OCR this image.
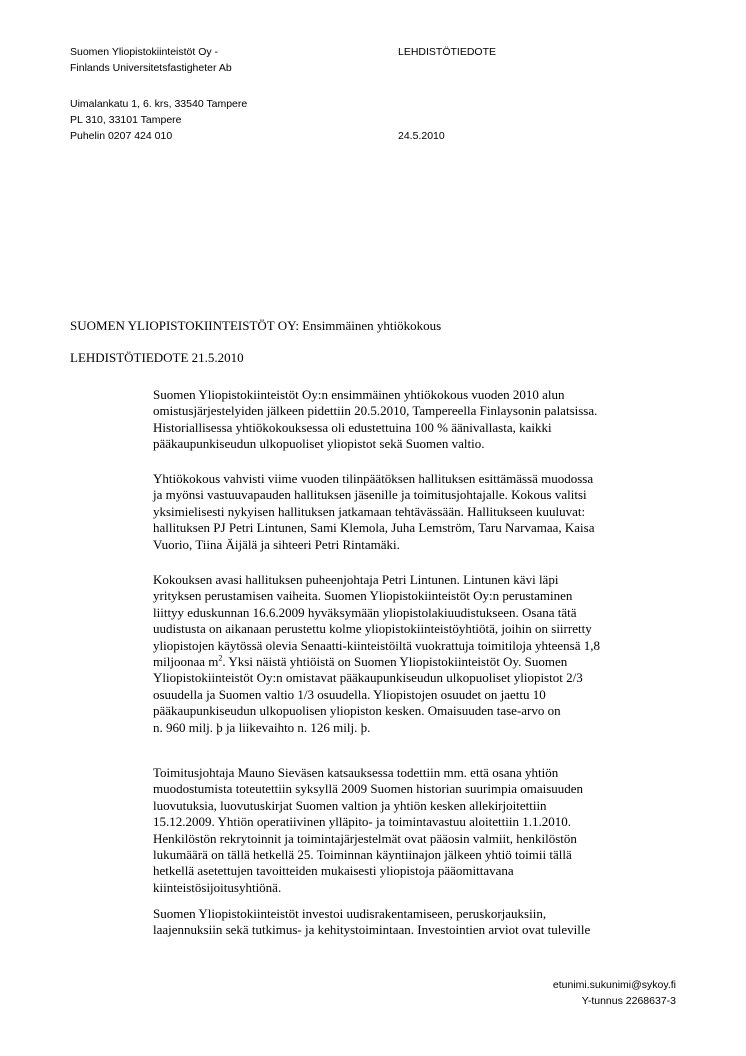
Suomen Yliopistokiinteistöt Oy -
Finlands Universitetsfastigheter Ab
LEHDISTÖTIEDOTE
Uimalankatu 1, 6. krs, 33540 Tampere
PL 310, 33101 Tampere
Puhelin 0207 424 010	24.5.2010
SUOMEN YLIOPISTOKIINTEISTÖT OY: Ensimmäinen yhtiökokous
LEHDISTÖTIEDOTE 21.5.2010
Suomen Yliopistokiinteistöt Oy:n ensimmäinen yhtiökokous vuoden 2010 alun
omistusjärjestelyiden jälkeen pidettiin 20.5.2010, Tampereella Finlaysonin palatsissa.
Historiallisessa yhtiökokouksessa oli edustettuina 100 % äänivallasta, kaikki
pääkaupunkiseudun ulkopuoliset yliopistot sekä Suomen valtio.
Yhtiökokous vahvisti viime vuoden tilinpäätöksen hallituksen esittämässä muodossa
ja myönsi vastuuvapauden hallituksen jäsenille ja toimitusjohtajalle. Kokous valitsi
yksimielisesti nykyisen hallituksen jatkamaan tehtävässään. Hallitukseen kuuluvat:
hallituksen PJ Petri Lintunen, Sami Klemola, Juha Lemström, Taru Narvamaa, Kaisa
Vuorio, Tiina Äijälä ja sihteeri Petri Rintamäki.
Kokouksen avasi hallituksen puheenjohtaja Petri Lintunen. Lintunen kävi läpi
yrityksen perustamisen vaiheita. Suomen Yliopistokiinteistöt Oy:n perustaminen
liittyy eduskunnan 16.6.2009 hyväksymään yliopistolakiuudistukseen. Osana tätä
uudistusta on aikanaan perustettu kolme yliopistokiinteistöyhtiötä, joihin on siirretty
yliopistojen käytössä olevia Senaatti-kiinteistöiltä vuokrattuja toimitiloja yhteensä 1,8
miljoonaa $m^2$. Yksi näistä yhtiöistä on Suomen Yliopistokiinteistöt Oy. Suomen
Yliopistokiinteistöt Oy:n omistavat pääkaupunkiseudun ulkopuoliset yliopistot 2/3
osuudella ja Suomen valtio 1/3 osuudella. Yliopistojen osuudet on jaettu 10
pääkaupunkiseudun ulkopuolisen yliopiston kesken. Omaisuuden tase-arvo on
n. 960 milj. þ ja liikevaihto n. 126 milj. þ.
Toimitusjohtaja Mauno Sieväsen katsauksessa todettiin mm. että osana yhtiön
muodostumista toteutettiin syksyllä 2009 Suomen historian suurimpia omaisuuden
luovutuksia, luovutuskirjat Suomen valtion ja yhtiön kesken allekirjoitettiin
15.12.2009. Yhtiön operatiivinen ylläpito- ja toimintavastuu aloitettiin 1.1.2010.
Henkilöstön rekrytoinnit ja toimintajärjestelmät ovat pääosin valmiit, henkilöstön
lukumäärä on tällä hetkellä 25. Toiminnan käyntiinajon jälkeen yhtiö toimii tällä
hetkellä asetettujen tavoitteiden mukaisesti yliopistoja pääomittavana
kiinteistösijoitusyhtiönä.
Suomen Yliopistokiinteistöt investoi uudisrakentamiseen, peruskorjauksiin,
laajennuksiin sekä tutkimus- ja kehitystoimintaan. Investointien arviot ovat tuleville
etunimi.sukunimi@sykoy.fi
Y-tunnus 2268637-3
